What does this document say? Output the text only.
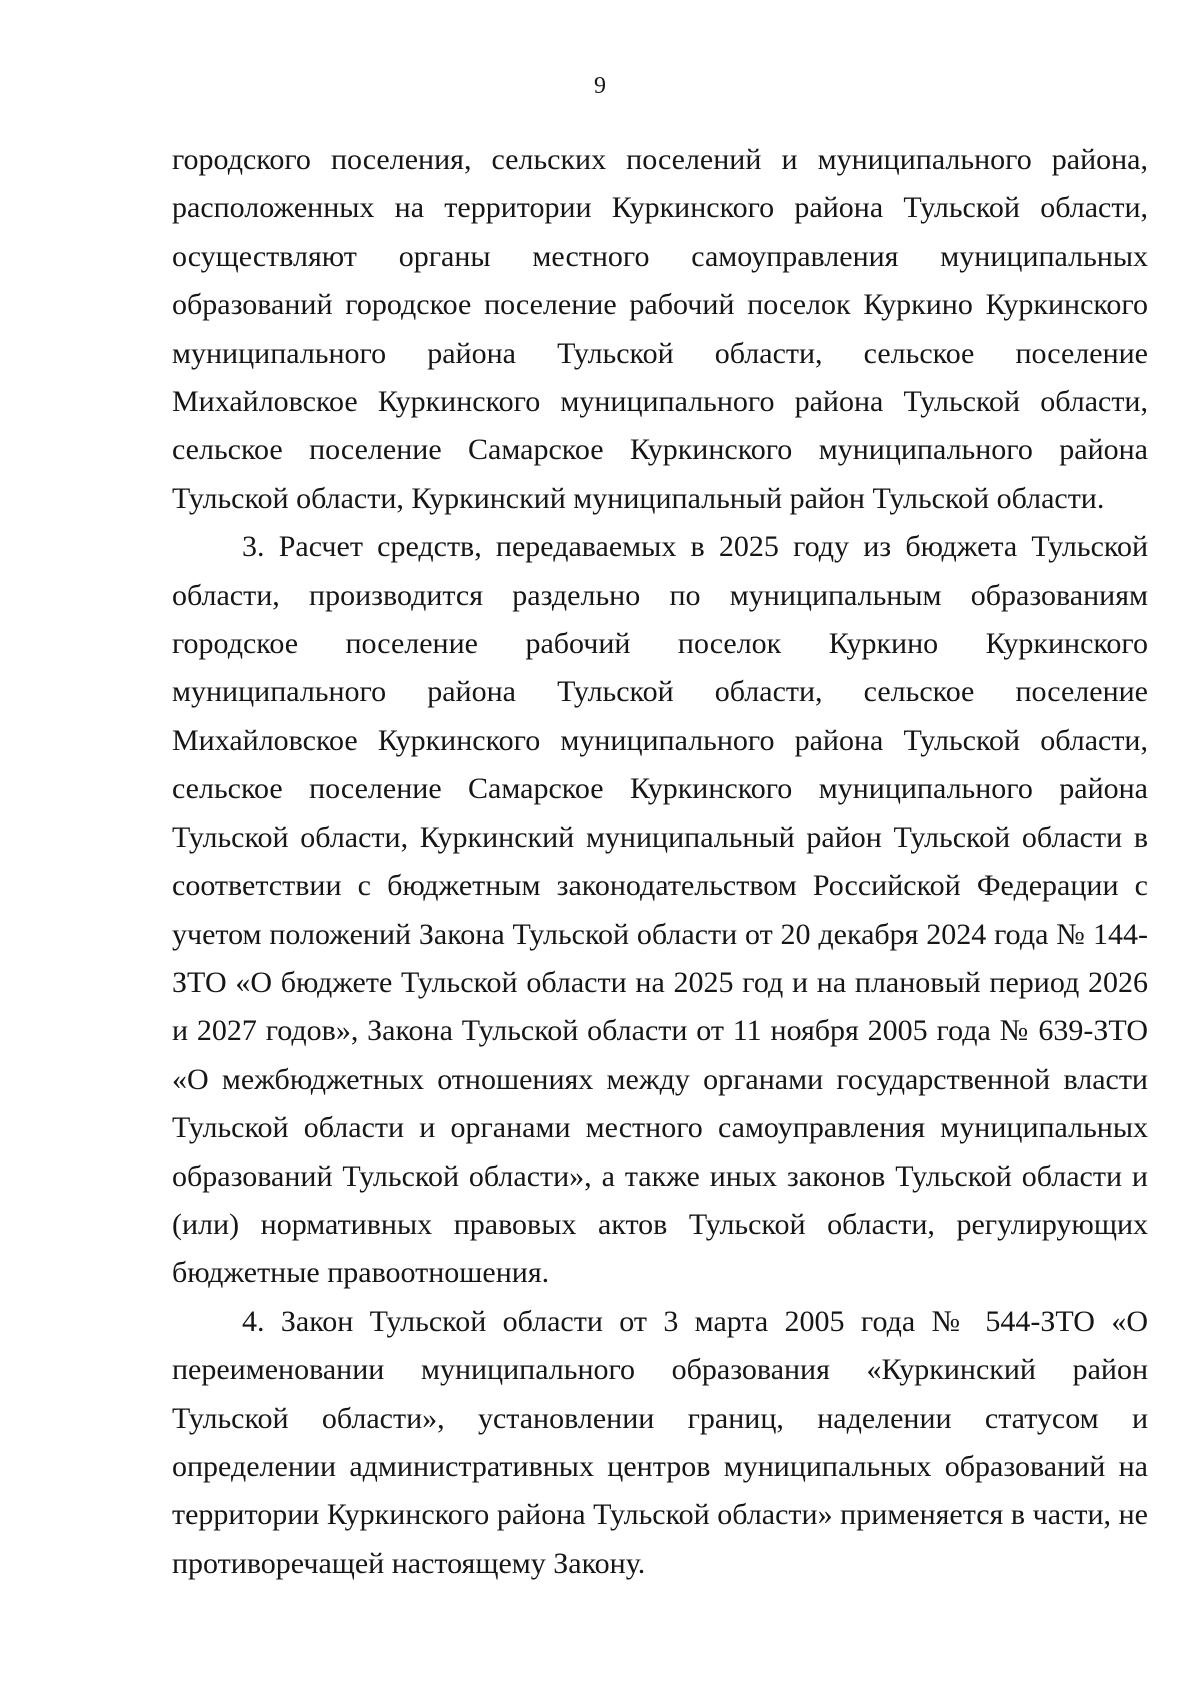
9

городского поселения, сельских поселений и муниципального района, расположенных на территории Куркинского района Тульской области, осуществляют органы местного самоуправления муниципальных образований городское поселение рабочий поселок Куркино Куркинского муниципального района Тульской области, сельское поселение Михайловское Куркинского муниципального района Тульской области, сельское поселение Самарское Куркинского муниципального района Тульской области, Куркинский муниципальный район Тульской области.

3. Расчет средств, передаваемых в 2025 году из бюджета Тульской области, производится раздельно по муниципальным образованиям городское поселение рабочий поселок Куркино Куркинского муниципального района Тульской области, сельское поселение Михайловское Куркинского муниципального района Тульской области, сельское поселение Самарское Куркинского муниципального района Тульской области, Куркинский муниципальный район Тульской области в соответствии с бюджетным законодательством Российской Федерации с учетом положений Закона Тульской области от 20 декабря 2024 года № 144-ЗТО «О бюджете Тульской области на 2025 год и на плановый период 2026 и 2027 годов», Закона Тульской области от 11 ноября 2005 года № 639-ЗТО «О межбюджетных отношениях между органами государственной власти Тульской области и органами местного самоуправления муниципальных образований Тульской области», а также иных законов Тульской области и (или) нормативных правовых актов Тульской области, регулирующих бюджетные правоотношения.

4. Закон Тульской области от 3 марта 2005 года № 544-ЗТО «О переименовании муниципального образования «Куркинский район Тульской области», установлении границ, наделении статусом и определении административных центров муниципальных образований на территории Куркинского района Тульской области» применяется в части, не противоречащей настоящему Закону.
